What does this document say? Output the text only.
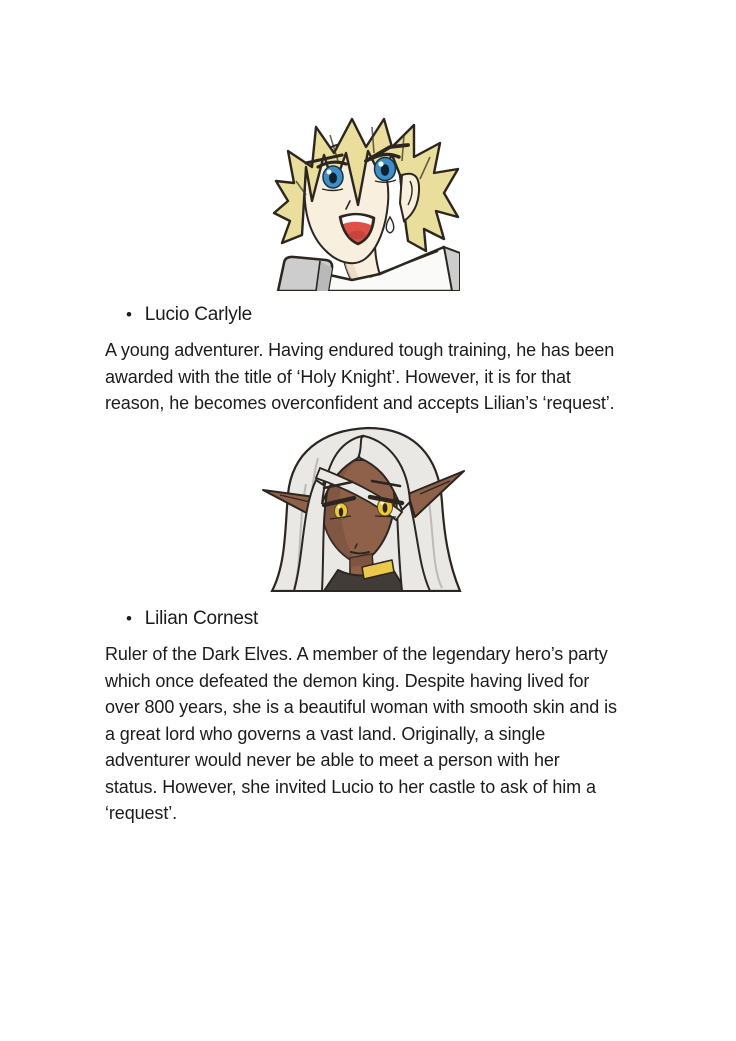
• Lucio Carlyle
A young adventurer. Having endured tough training, he has been
awarded with the title of ‘Holy Knight’. However, it is for that
reason, he becomes overconfident and accepts Lilian’s ‘request’.
• Lilian Cornest
Ruler of the Dark Elves. A member of the legendary hero’s party
which once defeated the demon king. Despite having lived for
over 800 years, she is a beautiful woman with smooth skin and is
a great lord who governs a vast land. Originally, a single
adventurer would never be able to meet a person with her
status. However, she invited Lucio to her castle to ask of him a
‘request’.
